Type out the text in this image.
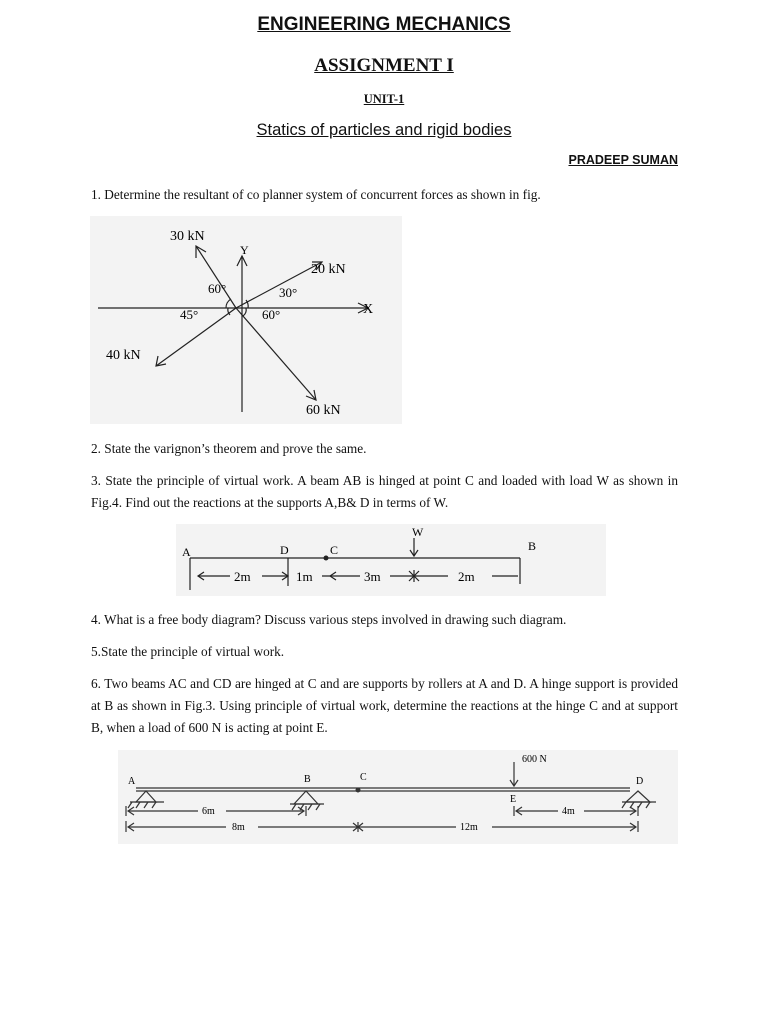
ENGINEERING MECHANICS
ASSIGNMENT I
UNIT-1
Statics of particles and rigid bodies
PRADEEP SUMAN
1. Determine the resultant of co planner system of concurrent forces as shown in fig.
30 kN
Y
20 kN
60°	30°
X
45°	60°
40 kN
60 kN
2. State the varignon’s theorem and prove the same.
3. State the principle of virtual work. A beam AB is hinged at point C and loaded with load W as shown in Fig.4. Find out the reactions at the supports A,B& D in terms of W.
A	D	C
W
B
2m	1m	3m	2m
4. What is a free body diagram? Discuss various steps involved in drawing such diagram.
5.State the principle of virtual work.
6. Two beams AC and CD are hinged at C and are supports by rollers at A and D. A hinge support is provided at B as shown in Fig.3. Using principle of virtual work, determine the reactions at the hinge C and at support B, when a load of 600 N is acting at point E.
600 N
A	B	C
E
D
6m	4m
8m	12m
